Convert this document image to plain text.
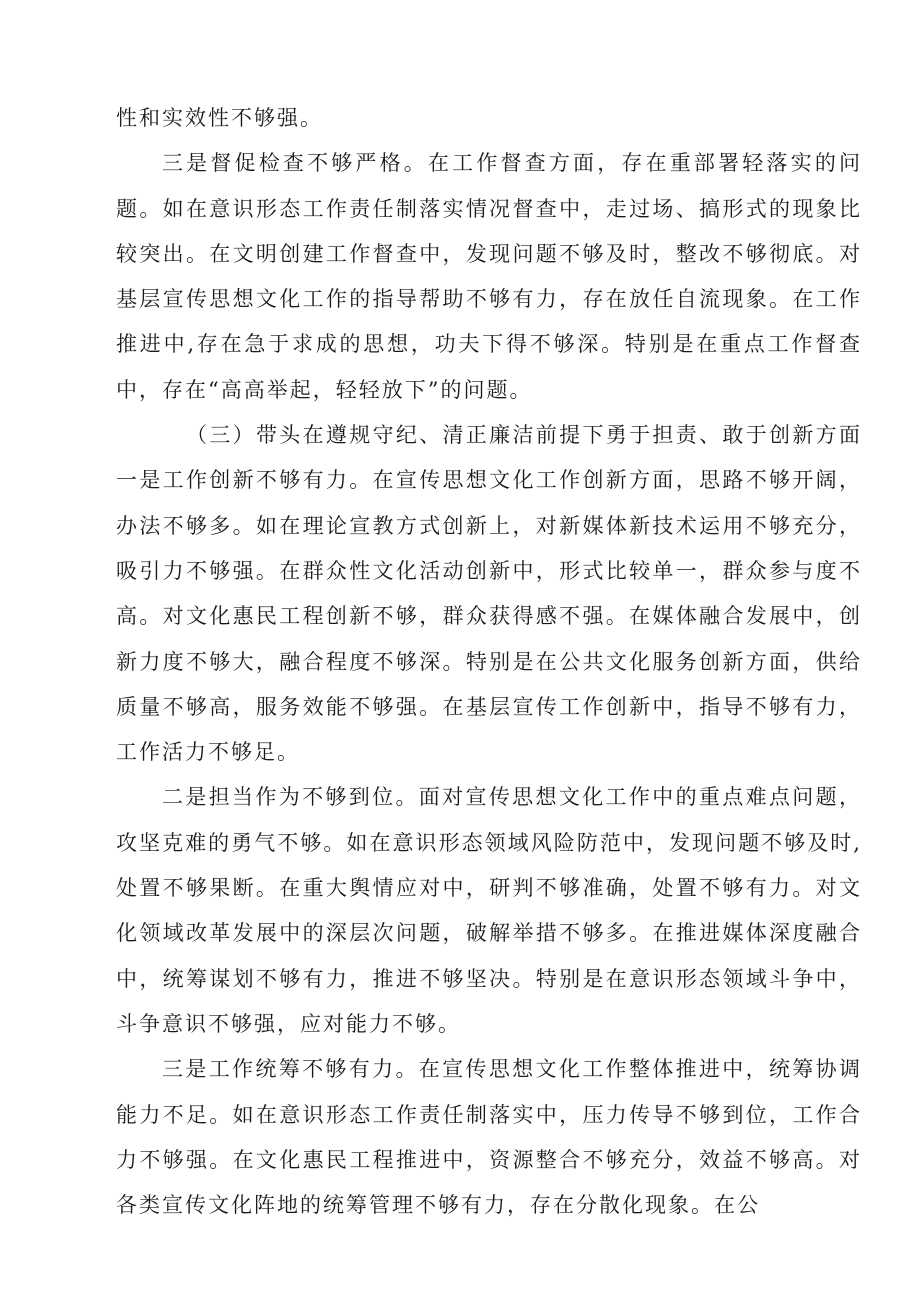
性和实效性不够强。

三是督促检查不够严格。在工作督查方面，存在重部署轻落实的问题。如在意识形态工作责任制落实情况督查中，走过场、搞形式的现象比较突出。在文明创建工作督查中，发现问题不够及时，整改不够彻底。对基层宣传思想文化工作的指导帮助不够有力，存在放任自流现象。在工作推进中,存在急于求成的思想，功夫下得不够深。特别是在重点工作督查中，存在“高高举起，轻轻放下”的问题。

（三）带头在遵规守纪、清正廉洁前提下勇于担责、敢于创新方面一是工作创新不够有力。在宣传思想文化工作创新方面，思路不够开阔，办法不够多。如在理论宣教方式创新上，对新媒体新技术运用不够充分，吸引力不够强。在群众性文化活动创新中，形式比较单一，群众参与度不高。对文化惠民工程创新不够，群众获得感不强。在媒体融合发展中，创新力度不够大，融合程度不够深。特别是在公共文化服务创新方面，供给质量不够高，服务效能不够强。在基层宣传工作创新中，指导不够有力，工作活力不够足。

二是担当作为不够到位。面对宣传思想文化工作中的重点难点问题，攻坚克难的勇气不够。如在意识形态领域风险防范中，发现问题不够及时,处置不够果断。在重大舆情应对中，研判不够准确，处置不够有力。对文化领域改革发展中的深层次问题，破解举措不够多。在推进媒体深度融合中，统筹谋划不够有力，推进不够坚决。特别是在意识形态领域斗争中，斗争意识不够强，应对能力不够。

三是工作统筹不够有力。在宣传思想文化工作整体推进中，统筹协调能力不足。如在意识形态工作责任制落实中，压力传导不够到位，工作合力不够强。在文化惠民工程推进中，资源整合不够充分，效益不够高。对各类宣传文化阵地的统筹管理不够有力，存在分散化现象。在公
